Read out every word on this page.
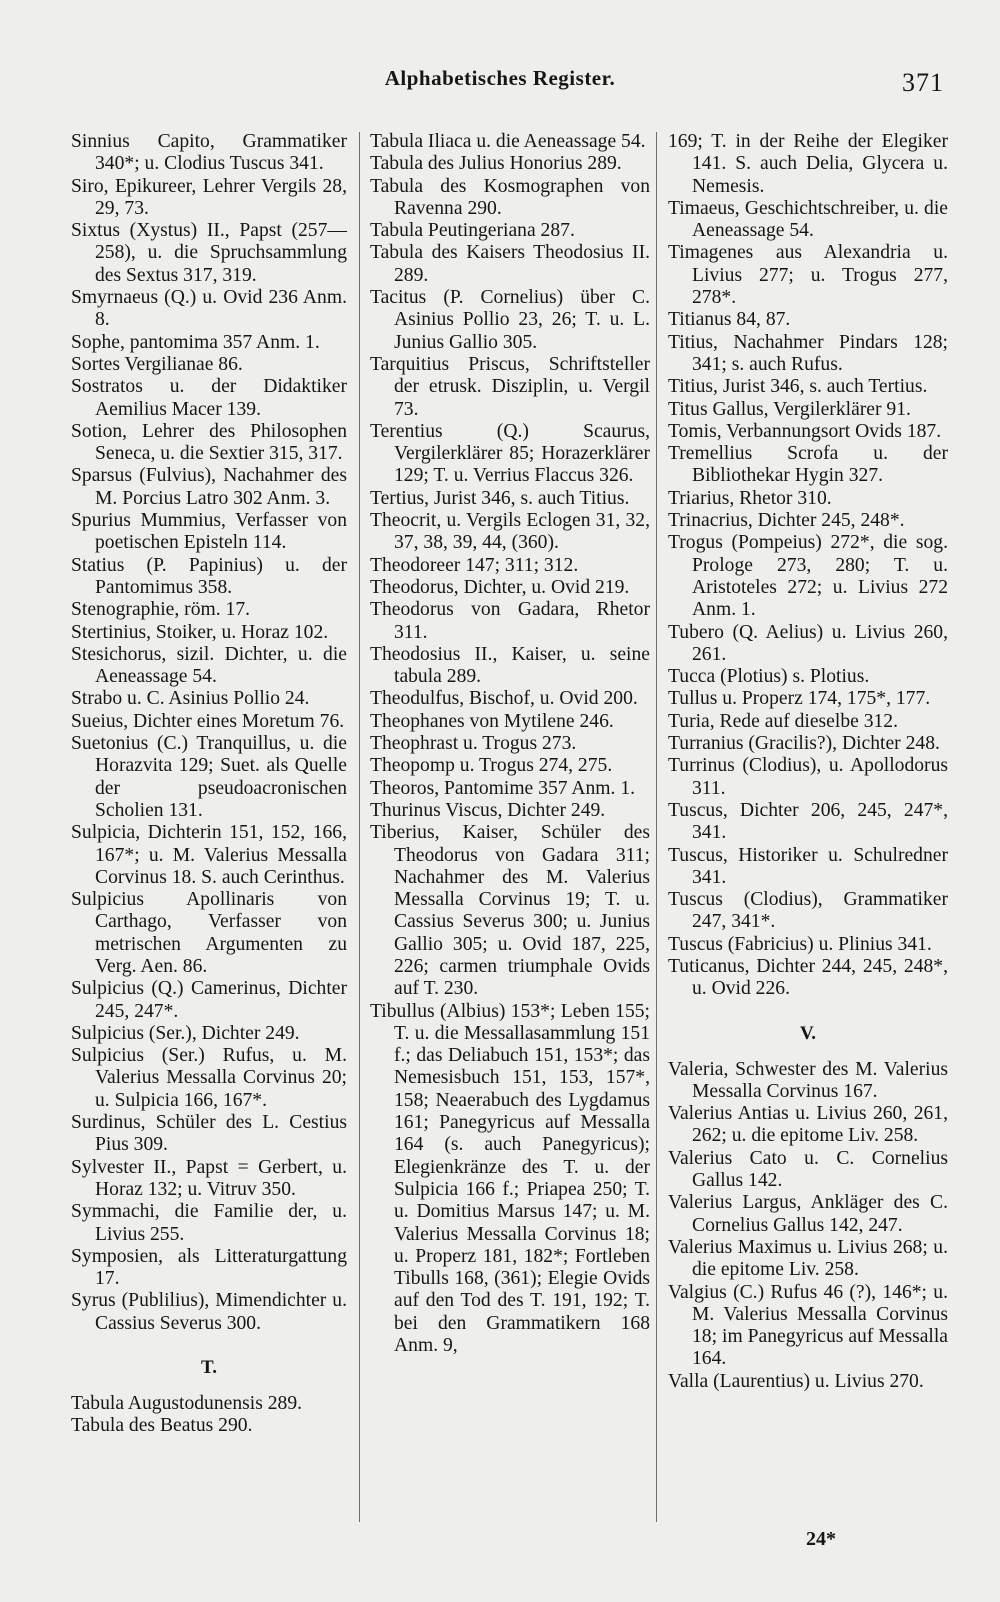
Alphabetisches Register.	371

Sinnius Capito, Grammatiker 340*; u. Clodius Tuscus 341.

Siro, Epikureer, Lehrer Vergils 28, 29, 73.

Sixtus (Xystus) II., Papst (257—258), u. die Spruchsammlung des Sextus 317, 319.

Smyrnaeus (Q.) u. Ovid 236 Anm. 8.

Sophe, pantomima 357 Anm. 1.

Sortes Vergilianae 86.

Sostratos u. der Didaktiker Aemilius Macer 139.

Sotion, Lehrer des Philosophen Seneca, u. die Sextier 315, 317.

Sparsus (Fulvius), Nachahmer des M. Porcius Latro 302 Anm. 3.

Spurius Mummius, Verfasser von poetischen Episteln 114.

Statius (P. Papinius) u. der Pantomimus 358.

Stenographie, röm. 17.

Stertinius, Stoiker, u. Horaz 102.

Stesichorus, sizil. Dichter, u. die Aeneassage 54.

Strabo u. C. Asinius Pollio 24.

Sueius, Dichter eines Moretum 76.

Suetonius (C.) Tranquillus, u. die Horazvita 129; Suet. als Quelle der pseudoacronischen Scholien 131.

Sulpicia, Dichterin 151, 152, 166, 167*; u. M. Valerius Messalla Corvinus 18. S. auch Cerinthus.

Sulpicius Apollinaris von Carthago, Verfasser von metrischen Argumenten zu Verg. Aen. 86.

Sulpicius (Q.) Camerinus, Dichter 245, 247*.

Sulpicius (Ser.), Dichter 249.

Sulpicius (Ser.) Rufus, u. M. Valerius Messalla Corvinus 20; u. Sulpicia 166, 167*.

Surdinus, Schüler des L. Cestius Pius 309.

Sylvester II., Papst = Gerbert, u. Horaz 132; u. Vitruv 350.

Symmachi, die Familie der, u. Livius 255.

Symposien, als Litteraturgattung 17.

Syrus (Publilius), Mimendichter u. Cassius Severus 300.

T.

Tabula Augustodunensis 289.

Tabula des Beatus 290.

Tabula Iliaca u. die Aeneassage 54.

Tabula des Julius Honorius 289.

Tabula des Kosmographen von Ravenna 290.

Tabula Peutingeriana 287.

Tabula des Kaisers Theodosius II. 289.

Tacitus (P. Cornelius) über C. Asinius Pollio 23, 26; T. u. L. Junius Gallio 305.

Tarquitius Priscus, Schriftsteller der etrusk. Disziplin, u. Vergil 73.

Terentius (Q.) Scaurus, Vergilerklärer 85; Horazerklärer 129; T. u. Verrius Flaccus 326.

Tertius, Jurist 346, s. auch Titius.

Theocrit, u. Vergils Eclogen 31, 32, 37, 38, 39, 44, (360).

Theodoreer 147; 311; 312.

Theodorus, Dichter, u. Ovid 219.

Theodorus von Gadara, Rhetor 311.

Theodosius II., Kaiser, u. seine tabula 289.

Theodulfus, Bischof, u. Ovid 200.

Theophanes von Mytilene 246.

Theophrast u. Trogus 273.

Theopomp u. Trogus 274, 275.

Theoros, Pantomime 357 Anm. 1.

Thurinus Viscus, Dichter 249.

Tiberius, Kaiser, Schüler des Theodorus von Gadara 311; Nachahmer des M. Valerius Messalla Corvinus 19; T. u. Cassius Severus 300; u. Junius Gallio 305; u. Ovid 187, 225, 226; carmen triumphale Ovids auf T. 230.

Tibullus (Albius) 153*; Leben 155; T. u. die Messallasammlung 151 f.; das Deliabuch 151, 153*; das Nemesisbuch 151, 153, 157*, 158; Neaerabuch des Lygdamus 161; Panegyricus auf Messalla 164 (s. auch Panegyricus); Elegienkränze des T. u. der Sulpicia 166 f.; Priapea 250; T. u. Domitius Marsus 147; u. M. Valerius Messalla Corvinus 18; u. Properz 181, 182*; Fortleben Tibulls 168, (361); Elegie Ovids auf den Tod des T. 191, 192; T. bei den Grammatikern 168 Anm. 9,

169; T. in der Reihe der Elegiker 141. S. auch Delia, Glycera u. Nemesis.

Timaeus, Geschichtschreiber, u. die Aeneassage 54.

Timagenes aus Alexandria u. Livius 277; u. Trogus 277, 278*.

Titianus 84, 87.

Titius, Nachahmer Pindars 128; 341; s. auch Rufus.

Titius, Jurist 346, s. auch Tertius.

Titus Gallus, Vergilerklärer 91.

Tomis, Verbannungsort Ovids 187.

Tremellius Scrofa u. der Bibliothekar Hygin 327.

Triarius, Rhetor 310.

Trinacrius, Dichter 245, 248*.

Trogus (Pompeius) 272*, die sog. Prologe 273, 280; T. u. Aristoteles 272; u. Livius 272 Anm. 1.

Tubero (Q. Aelius) u. Livius 260, 261.

Tucca (Plotius) s. Plotius.

Tullus u. Properz 174, 175*, 177.

Turia, Rede auf dieselbe 312.

Turranius (Gracilis?), Dichter 248.

Turrinus (Clodius), u. Apollodorus 311.

Tuscus, Dichter 206, 245, 247*, 341.

Tuscus, Historiker u. Schulredner 341.

Tuscus (Clodius), Grammatiker 247, 341*.

Tuscus (Fabricius) u. Plinius 341.

Tuticanus, Dichter 244, 245, 248*, u. Ovid 226.

V.

Valeria, Schwester des M. Valerius Messalla Corvinus 167.

Valerius Antias u. Livius 260, 261, 262; u. die epitome Liv. 258.

Valerius Cato u. C. Cornelius Gallus 142.

Valerius Largus, Ankläger des C. Cornelius Gallus 142, 247.

Valerius Maximus u. Livius 268; u. die epitome Liv. 258.

Valgius (C.) Rufus 46 (?), 146*; u. M. Valerius Messalla Corvinus 18; im Panegyricus auf Messalla 164.

Valla (Laurentius) u. Livius 270.

24*
